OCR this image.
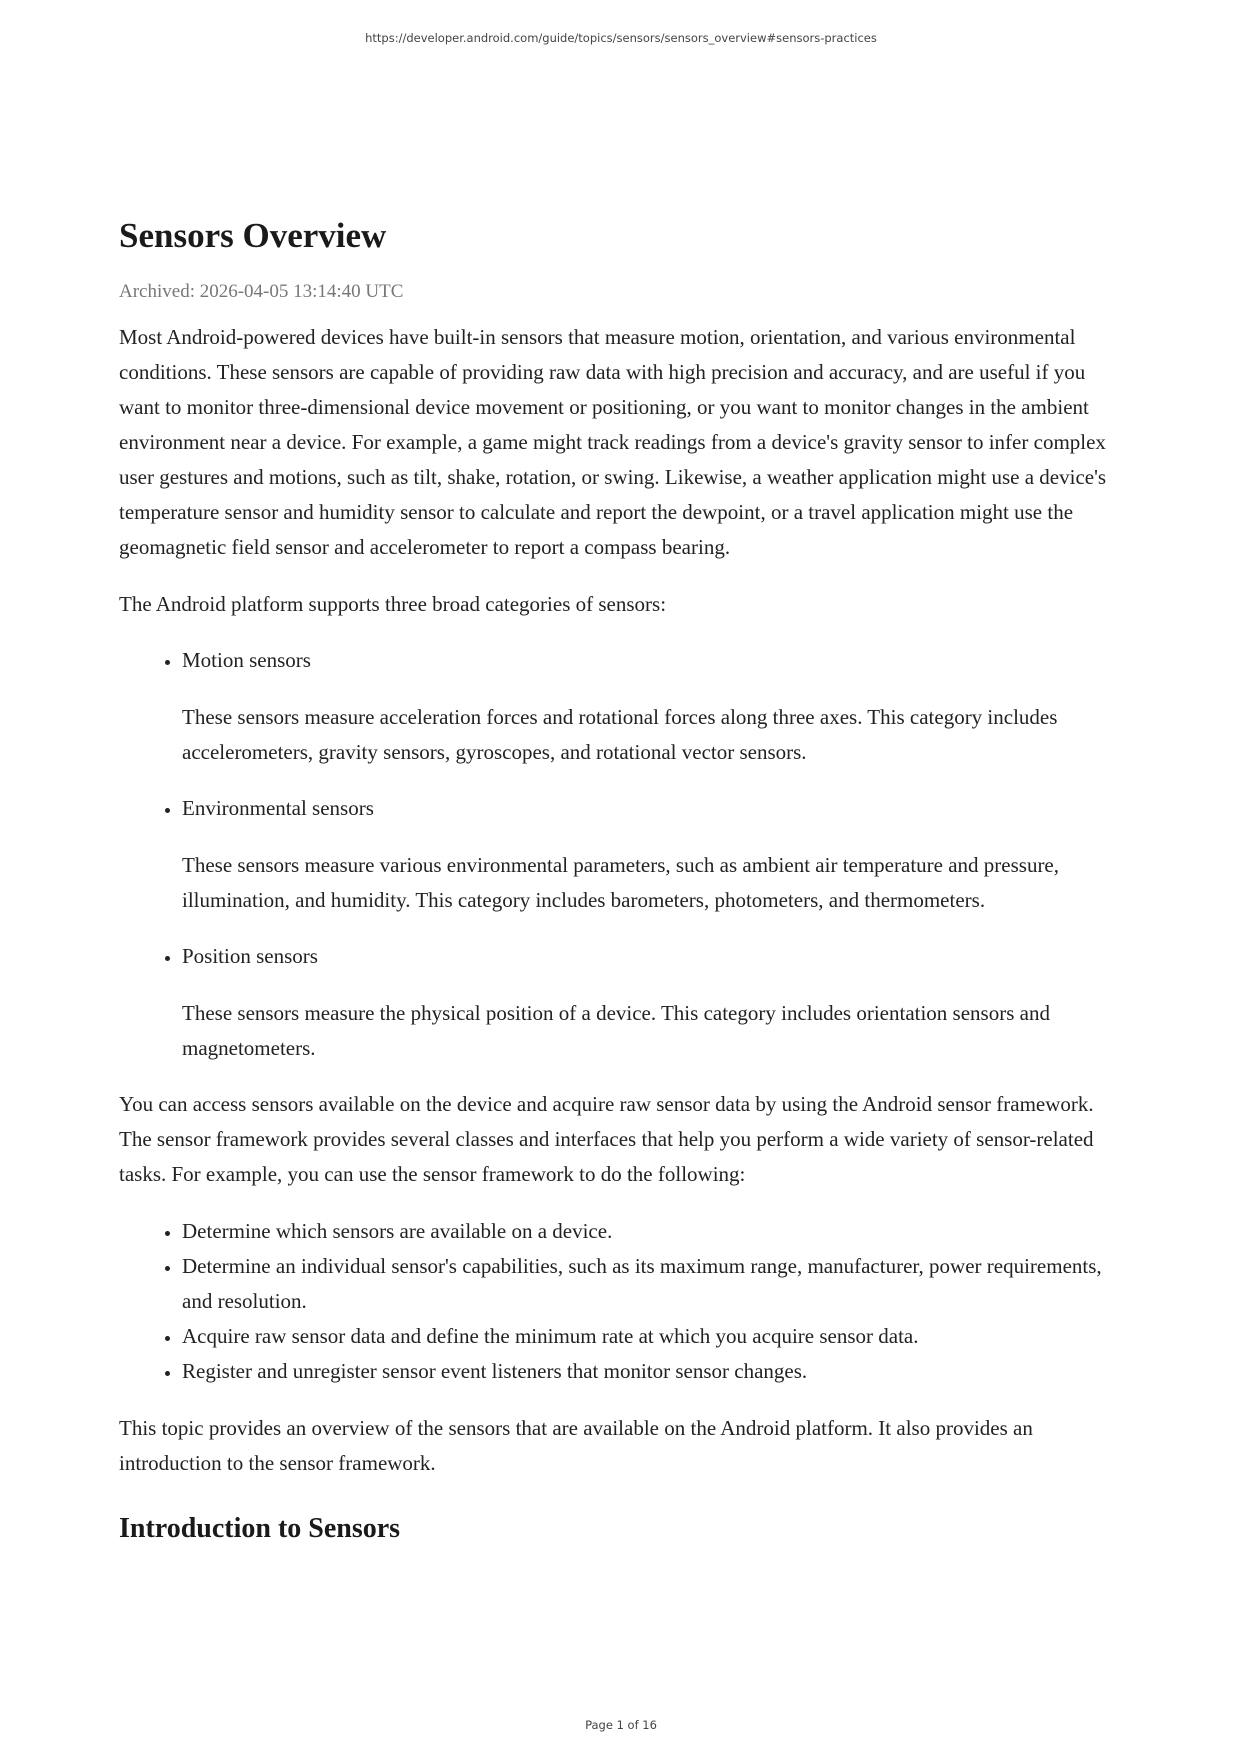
https://developer.android.com/guide/topics/sensors/sensors_overview#sensors-practices
Sensors Overview
Archived: 2026-04-05 13:14:40 UTC

Most Android-powered devices have built-in sensors that measure motion, orientation, and various environmental conditions. These sensors are capable of providing raw data with high precision and accuracy, and are useful if you want to monitor three-dimensional device movement or positioning, or you want to monitor changes in the ambient environment near a device. For example, a game might track readings from a device's gravity sensor to infer complex user gestures and motions, such as tilt, shake, rotation, or swing. Likewise, a weather application might use a device's temperature sensor and humidity sensor to calculate and report the dewpoint, or a travel application might use the geomagnetic field sensor and accelerometer to report a compass bearing.

The Android platform supports three broad categories of sensors:

• Motion sensors
These sensors measure acceleration forces and rotational forces along three axes. This category includes accelerometers, gravity sensors, gyroscopes, and rotational vector sensors.
• Environmental sensors
These sensors measure various environmental parameters, such as ambient air temperature and pressure, illumination, and humidity. This category includes barometers, photometers, and thermometers.
• Position sensors
These sensors measure the physical position of a device. This category includes orientation sensors and magnetometers.

You can access sensors available on the device and acquire raw sensor data by using the Android sensor framework. The sensor framework provides several classes and interfaces that help you perform a wide variety of sensor-related tasks. For example, you can use the sensor framework to do the following:

• Determine which sensors are available on a device.
• Determine an individual sensor's capabilities, such as its maximum range, manufacturer, power requirements, and resolution.
• Acquire raw sensor data and define the minimum rate at which you acquire sensor data.
• Register and unregister sensor event listeners that monitor sensor changes.

This topic provides an overview of the sensors that are available on the Android platform. It also provides an introduction to the sensor framework.

Introduction to Sensors
Page 1 of 16
